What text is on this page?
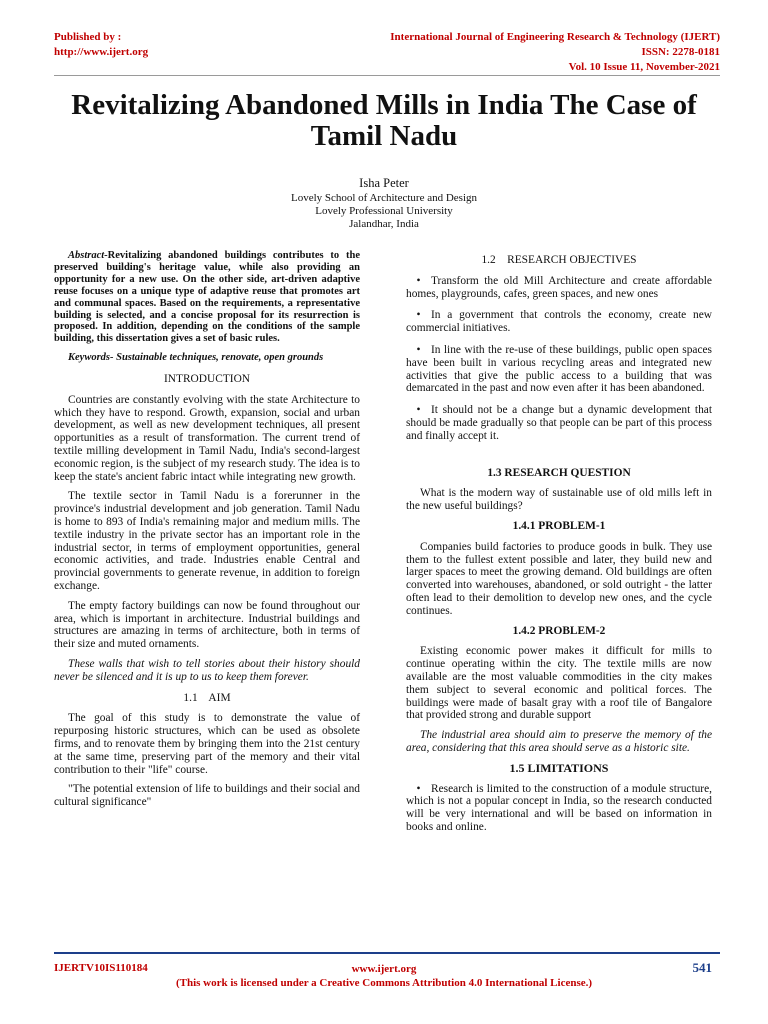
Published by :
http://www.ijert.org
International Journal of Engineering Research & Technology (IJERT)
ISSN: 2278-0181
Vol. 10 Issue 11, November-2021
Revitalizing Abandoned Mills in India The Case of Tamil Nadu
Isha Peter
Lovely School of Architecture and Design
Lovely Professional University
Jalandhar, India

Abstract-Revitalizing abandoned buildings contributes to the preserved building's heritage value, while also providing an opportunity for a new use. On the other side, art-driven adaptive reuse focuses on a unique type of adaptive reuse that promotes art and communal spaces. Based on the requirements, a representative building is selected, and a concise proposal for its resurrection is proposed. In addition, depending on the conditions of the sample building, this dissertation gives a set of basic rules.

Keywords- Sustainable techniques, renovate, open grounds

INTRODUCTION

Countries are constantly evolving with the state Architecture to which they have to respond. Growth, expansion, social and urban development, as well as new development techniques, all present opportunities as a result of transformation. The current trend of textile milling development in Tamil Nadu, India's second-largest economic region, is the subject of my research study. The idea is to keep the state's ancient fabric intact while integrating new growth.

The textile sector in Tamil Nadu is a forerunner in the province's industrial development and job generation. Tamil Nadu is home to 893 of India's remaining major and medium mills. The textile industry in the private sector has an important role in the industrial sector, in terms of employment opportunities, general economic activities, and trade. Industries enable Central and provincial governments to generate revenue, in addition to foreign exchange.

The empty factory buildings can now be found throughout our area, which is important in architecture. Industrial buildings and structures are amazing in terms of architecture, both in terms of their size and muted ornaments.

These walls that wish to tell stories about their history should never be silenced and it is up to us to keep them forever.

1.1    AIM

The goal of this study is to demonstrate the value of repurposing historic structures, which can be used as obsolete firms, and to renovate them by bringing them into the 21st century at the same time, preserving part of the memory and their vital contribution to their "life" course.

"The potential extension of life to buildings and their social and cultural significance"

1.2    RESEARCH OBJECTIVES
• Transform the old Mill Architecture and create affordable homes, playgrounds, cafes, green spaces, and new ones
• In a government that controls the economy, create new commercial initiatives.
• In line with the re-use of these buildings, public open spaces have been built in various recycling areas and integrated new activities that give the public access to a building that was demarcated in the past and now even after it has been abandoned.
• It should not be a change but a dynamic development that should be made gradually so that people can be part of this process and finally accept it.
1.3 RESEARCH QUESTION

What is the modern way of sustainable use of old mills left in the new useful buildings?

1.4.1 PROBLEM-1

Companies build factories to produce goods in bulk. They use them to the fullest extent possible and later, they build new and larger spaces to meet the growing demand. Old buildings are often converted into warehouses, abandoned, or sold outright - the latter often lead to their demolition to develop new ones, and the cycle continues.

1.4.2 PROBLEM-2

Existing economic power makes it difficult for mills to continue operating within the city. The textile mills are now available are the most valuable commodities in the city makes them subject to several economic and political forces. The buildings were made of basalt gray with a roof tile of Bangalore that provided strong and durable support

The industrial area should aim to preserve the memory of the area, considering that this area should serve as a historic site.

1.5 LIMITATIONS
• Research is limited to the construction of a module structure, which is not a popular concept in India, so the research conducted will be very international and will be based on information in books and online.
IJERTV10IS110184	www.ijert.org
(This work is licensed under a Creative Commons Attribution 4.0 International License.)
541
